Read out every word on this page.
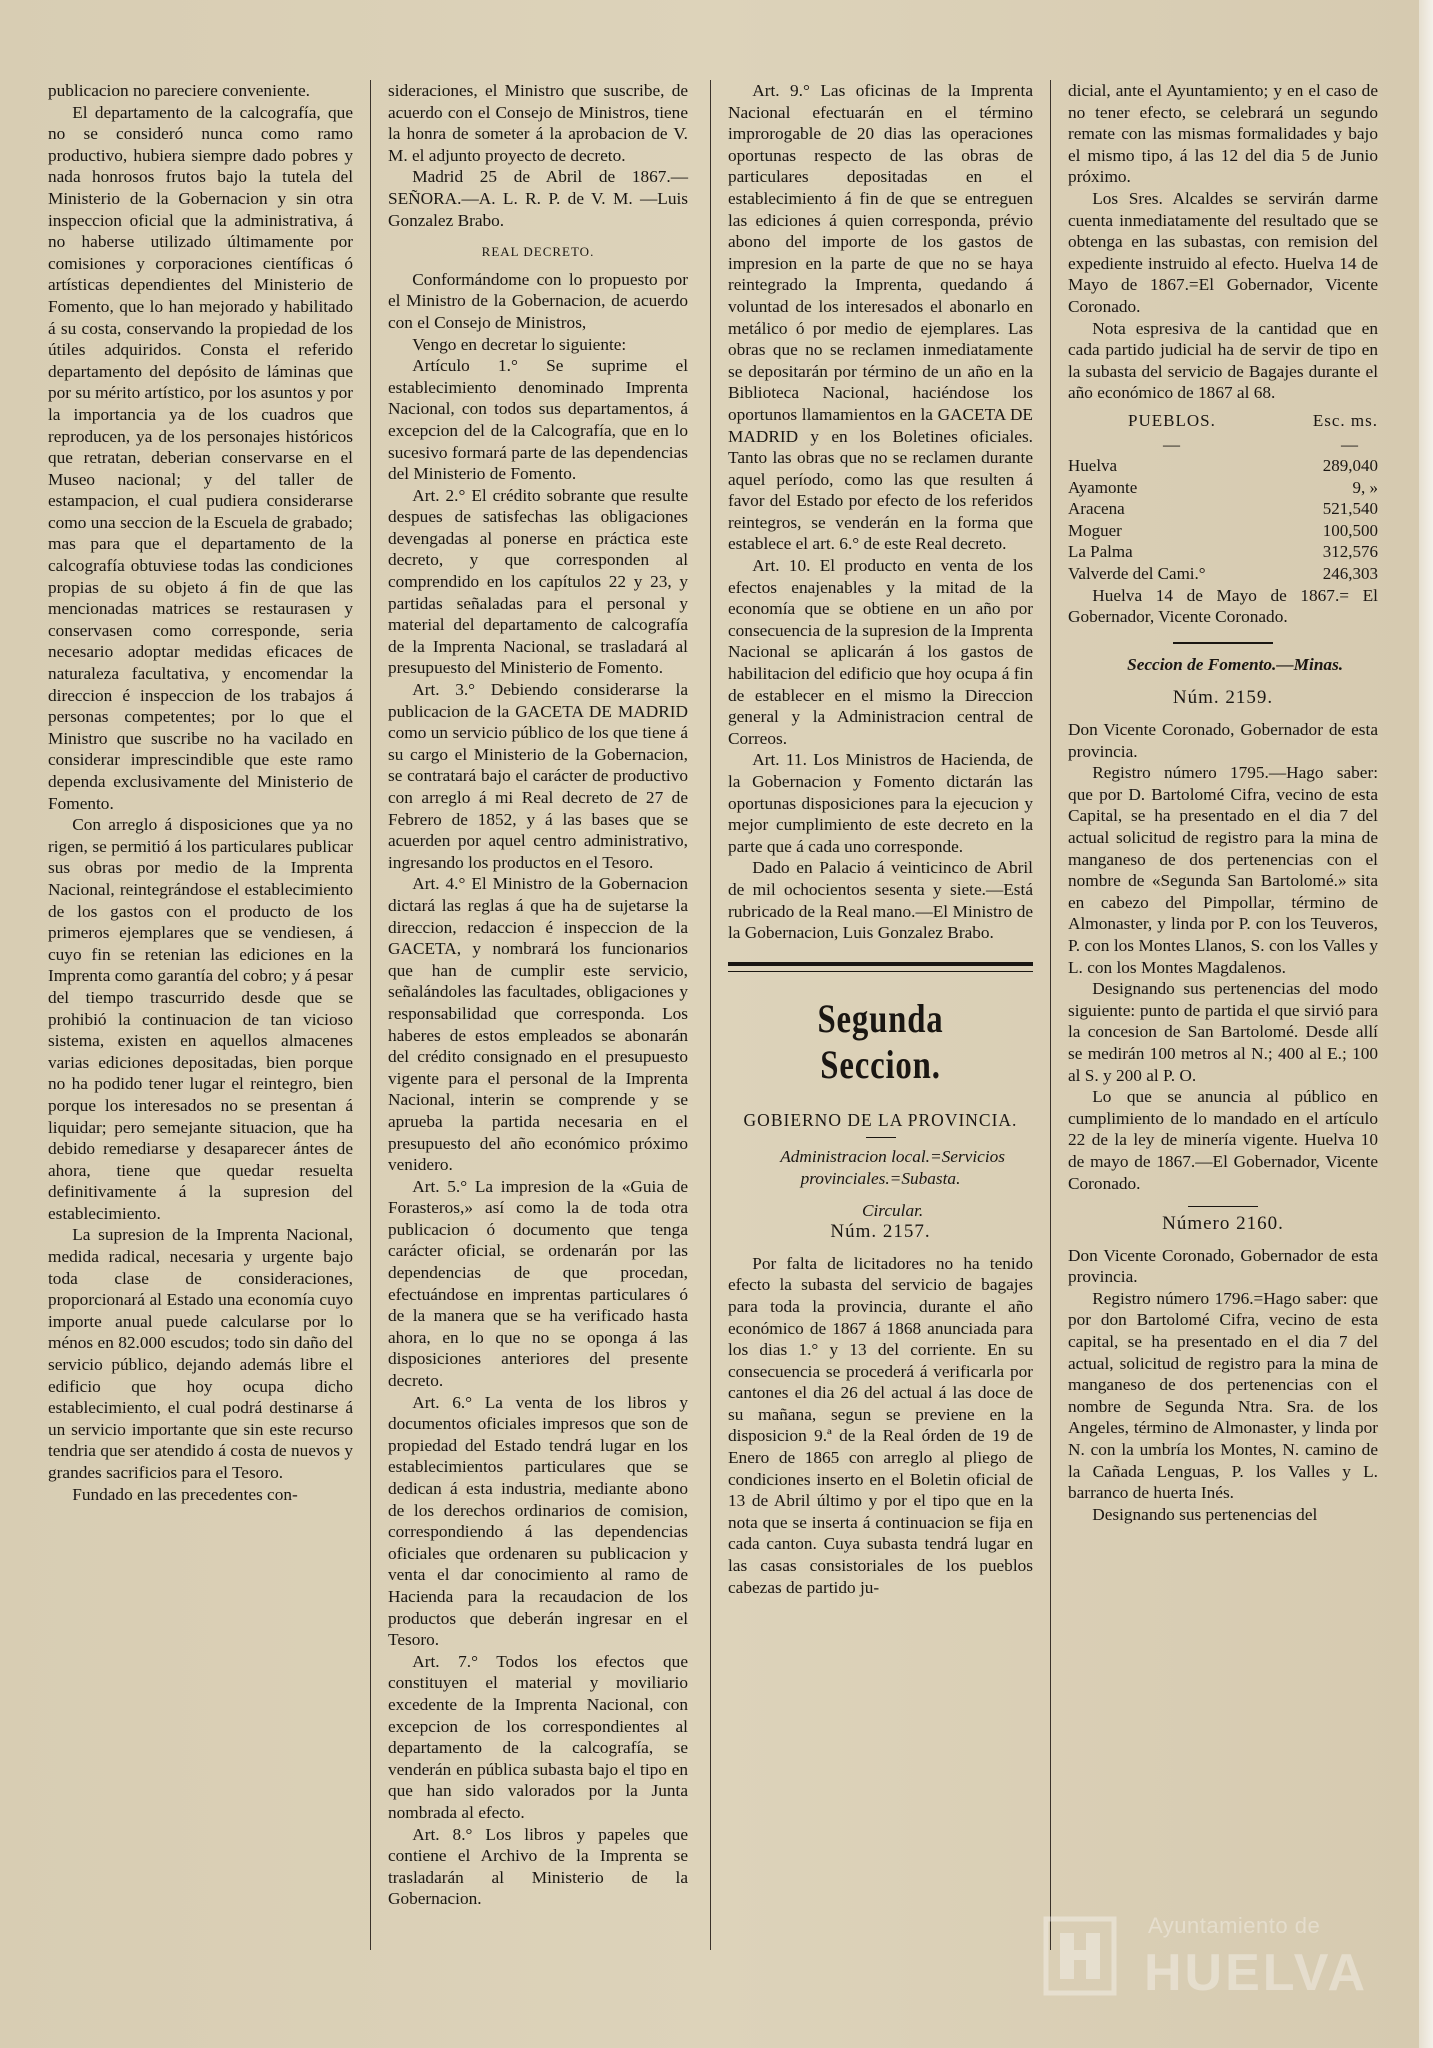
publicacion no pareciere conveniente.

El departamento de la calcografía, que no se consideró nunca como ramo productivo, hubiera siempre dado pobres y nada honrosos frutos bajo la tutela del Ministerio de la Gobernacion y sin otra inspeccion oficial que la administrativa, á no haberse utilizado últimamente por comisiones y corporaciones científicas ó artísticas dependientes del Ministerio de Fomento, que lo han mejorado y habilitado á su costa, conservando la propiedad de los útiles adquiridos. Consta el referido departamento del depósito de láminas que por su mérito artístico, por los asuntos y por la importancia ya de los cuadros que reproducen, ya de los personajes históricos que retratan, deberian conservarse en el Museo nacional; y del taller de estampacion, el cual pudiera considerarse como una seccion de la Escuela de grabado; mas para que el departamento de la calcografía obtuviese todas las condiciones propias de su objeto á fin de que las mencionadas matrices se restaurasen y conservasen como corresponde, seria necesario adoptar medidas eficaces de naturaleza facultativa, y encomendar la direccion é inspeccion de los trabajos á personas competentes; por lo que el Ministro que suscribe no ha vacilado en considerar imprescindible que este ramo dependa exclusivamente del Ministerio de Fomento.

Con arreglo á disposiciones que ya no rigen, se permitió á los particulares publicar sus obras por medio de la Imprenta Nacional, reintegrándose el establecimiento de los gastos con el producto de los primeros ejemplares que se vendiesen, á cuyo fin se retenian las ediciones en la Imprenta como garantía del cobro; y á pesar del tiempo trascurrido desde que se prohibió la continuacion de tan vicioso sistema, existen en aquellos almacenes varias ediciones depositadas, bien porque no ha podido tener lugar el reintegro, bien porque los interesados no se presentan á liquidar; pero semejante situacion, que ha debido remediarse y desaparecer ántes de ahora, tiene que quedar resuelta definitivamente á la supresion del establecimiento.

La supresion de la Imprenta Nacional, medida radical, necesaria y urgente bajo toda clase de consideraciones, proporcionará al Estado una economía cuyo importe anual puede calcularse por lo ménos en 82.000 escudos; todo sin daño del servicio público, dejando además libre el edificio que hoy ocupa dicho establecimiento, el cual podrá destinarse á un servicio importante que sin este recurso tendria que ser atendido á costa de nuevos y grandes sacrificios para el Tesoro.

Fundado en las precedentes con-

sideraciones, el Ministro que suscribe, de acuerdo con el Consejo de Ministros, tiene la honra de someter á la aprobacion de V. M. el adjunto proyecto de decreto.

Madrid 25 de Abril de 1867.—SEÑORA.—A. L. R. P. de V. M. —Luis Gonzalez Brabo.

REAL DECRETO.

Conformándome con lo propuesto por el Ministro de la Gobernacion, de acuerdo con el Consejo de Ministros,

Vengo en decretar lo siguiente:

Artículo 1.° Se suprime el establecimiento denominado Imprenta Nacional, con todos sus departamentos, á excepcion del de la Calcografía, que en lo sucesivo formará parte de las dependencias del Ministerio de Fomento.

Art. 2.° El crédito sobrante que resulte despues de satisfechas las obligaciones devengadas al ponerse en práctica este decreto, y que corresponden al comprendido en los capítulos 22 y 23, y partidas señaladas para el personal y material del departamento de calcografía de la Imprenta Nacional, se trasladará al presupuesto del Ministerio de Fomento.

Art. 3.° Debiendo considerarse la publicacion de la GACETA DE MADRID como un servicio público de los que tiene á su cargo el Ministerio de la Gobernacion, se contratará bajo el carácter de productivo con arreglo á mi Real decreto de 27 de Febrero de 1852, y á las bases que se acuerden por aquel centro administrativo, ingresando los productos en el Tesoro.

Art. 4.° El Ministro de la Gobernacion dictará las reglas á que ha de sujetarse la direccion, redaccion é inspeccion de la GACETA, y nombrará los funcionarios que han de cumplir este servicio, señalándoles las facultades, obligaciones y responsabilidad que corresponda. Los haberes de estos empleados se abonarán del crédito consignado en el presupuesto vigente para el personal de la Imprenta Nacional, interin se comprende y se aprueba la partida necesaria en el presupuesto del año económico próximo venidero.

Art. 5.° La impresion de la «Guia de Forasteros,» así como la de toda otra publicacion ó documento que tenga carácter oficial, se ordenarán por las dependencias de que procedan, efectuándose en imprentas particulares ó de la manera que se ha verificado hasta ahora, en lo que no se oponga á las disposiciones anteriores del presente decreto.

Art. 6.° La venta de los libros y documentos oficiales impresos que son de propiedad del Estado tendrá lugar en los establecimientos particulares que se dedican á esta industria, mediante abono de los derechos ordinarios de comision, correspondiendo á las dependencias oficiales que ordenaren su publicacion y venta el dar conocimiento al ramo de Hacienda para la recaudacion de los productos que deberán ingresar en el Tesoro.

Art. 7.° Todos los efectos que constituyen el material y moviliario excedente de la Imprenta Nacional, con excepcion de los correspondientes al departamento de la calcografía, se venderán en pública subasta bajo el tipo en que han sido valorados por la Junta nombrada al efecto.

Art. 8.° Los libros y papeles que contiene el Archivo de la Imprenta se trasladarán al Ministerio de la Gobernacion.

Art. 9.° Las oficinas de la Imprenta Nacional efectuarán en el término improrogable de 20 dias las operaciones oportunas respecto de las obras de particulares depositadas en el establecimiento á fin de que se entreguen las ediciones á quien corresponda, prévio abono del importe de los gastos de impresion en la parte de que no se haya reintegrado la Imprenta, quedando á voluntad de los interesados el abonarlo en metálico ó por medio de ejemplares. Las obras que no se reclamen inmediatamente se depositarán por término de un año en la Biblioteca Nacional, haciéndose los oportunos llamamientos en la GACETA DE MADRID y en los Boletines oficiales. Tanto las obras que no se reclamen durante aquel período, como las que resulten á favor del Estado por efecto de los referidos reintegros, se venderán en la forma que establece el art. 6.° de este Real decreto.

Art. 10. El producto en venta de los efectos enajenables y la mitad de la economía que se obtiene en un año por consecuencia de la supresion de la Imprenta Nacional se aplicarán á los gastos de habilitacion del edificio que hoy ocupa á fin de establecer en el mismo la Direccion general y la Administracion central de Correos.

Art. 11. Los Ministros de Hacienda, de la Gobernacion y Fomento dictarán las oportunas disposiciones para la ejecucion y mejor cumplimiento de este decreto en la parte que á cada uno corresponde.

Dado en Palacio á veinticinco de Abril de mil ochocientos sesenta y siete.—Está rubricado de la Real mano.—El Ministro de la Gobernacion, Luis Gonzalez Brabo.

Segunda Seccion.
GOBIERNO DE LA PROVINCIA.

Administracion local.=Servicios provinciales.=Subasta.

Circular.

Núm. 2157.

Por falta de licitadores no ha tenido efecto la subasta del servicio de bagajes para toda la provincia, durante el año económico de 1867 á 1868 anunciada para los dias 1.° y 13 del corriente. En su consecuencia se procederá á verificarla por cantones el dia 26 del actual á las doce de su mañana, segun se previene en la disposicion 9.ª de la Real órden de 19 de Enero de 1865 con arreglo al pliego de condiciones inserto en el Boletin oficial de 13 de Abril último y por el tipo que en la nota que se inserta á continuacion se fija en cada canton. Cuya subasta tendrá lugar en las casas consistoriales de los pueblos cabezas de partido ju-

dicial, ante el Ayuntamiento; y en el caso de no tener efecto, se celebrará un segundo remate con las mismas formalidades y bajo el mismo tipo, á las 12 del dia 5 de Junio próximo.

Los Sres. Alcaldes se servirán darme cuenta inmediatamente del resultado que se obtenga en las subastas, con remision del expediente instruido al efecto. Huelva 14 de Mayo de 1867.=El Gobernador, Vicente Coronado.

Nota espresiva de la cantidad que en cada partido judicial ha de servir de tipo en la subasta del servicio de Bagajes durante el año económico de 1867 al 68.

PUEBLOS.	Esc. ms.
—	—
Huelva	289,040
Ayamonte	9, »
Aracena	521,540
Moguer	100,500
La Palma	312,576
Valverde del Cami.°	246,303

Huelva 14 de Mayo de 1867.= El Gobernador, Vicente Coronado.

Seccion de Fomento.—Minas.

Núm. 2159.

Don Vicente Coronado, Gobernador de esta provincia.

Registro número 1795.—Hago saber: que por D. Bartolomé Cifra, vecino de esta Capital, se ha presentado en el dia 7 del actual solicitud de registro para la mina de manganeso de dos pertenencias con el nombre de «Segunda San Bartolomé.» sita en cabezo del Pimpollar, término de Almonaster, y linda por P. con los Teuveros, P. con los Montes Llanos, S. con los Valles y L. con los Montes Magdalenos.

Designando sus pertenencias del modo siguiente: punto de partida el que sirvió para la concesion de San Bartolomé. Desde allí se medirán 100 metros al N.; 400 al E.; 100 al S. y 200 al P. O.

Lo que se anuncia al público en cumplimiento de lo mandado en el artículo 22 de la ley de minería vigente. Huelva 10 de mayo de 1867.—El Gobernador, Vicente Coronado.

Número 2160.

Don Vicente Coronado, Gobernador de esta provincia.

Registro número 1796.=Hago saber: que por don Bartolomé Cifra, vecino de esta capital, se ha presentado en el dia 7 del actual, solicitud de registro para la mina de manganeso de dos pertenencias con el nombre de Segunda Ntra. Sra. de los Angeles, término de Almonaster, y linda por N. con la umbría los Montes, N. camino de la Cañada Lenguas, P. los Valles y L. barranco de huerta Inés.

Designando sus pertenencias del

Ayuntamiento de
HUELVA
